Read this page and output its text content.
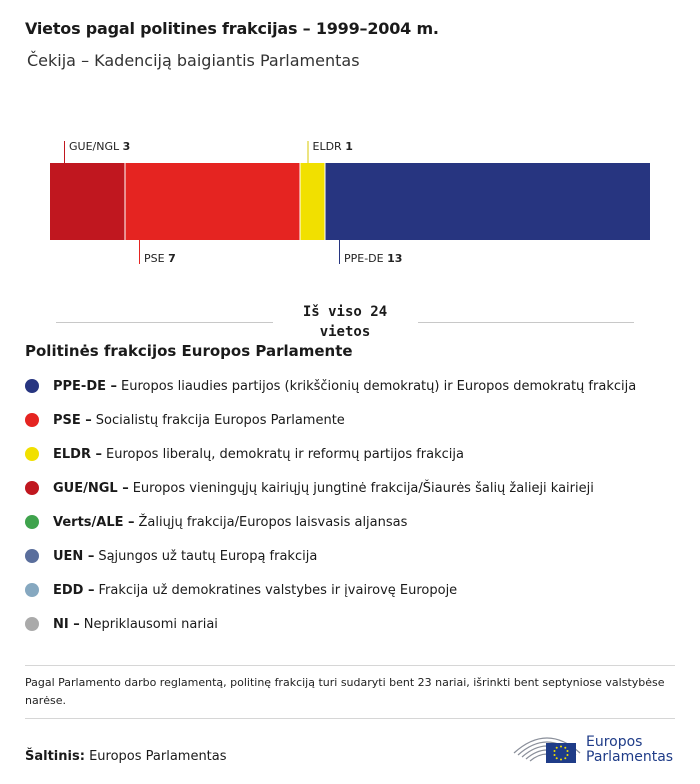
Vietos pagal politines frakcijas – 1999–2004 m.
Čekija – Kadenciją baigiantis Parlamentas
GUE/NGL 3
PSE 7
ELDR 1
PPE-DE 13
Iš viso 24
vietos
Politinės frakcijos Europos Parlamente
PPE-DE – Europos liaudies partijos (krikščionių demokratų) ir Europos demokratų frakcija
PSE – Socialistų frakcija Europos Parlamente
ELDR – Europos liberalų, demokratų ir reformų partijos frakcija
GUE/NGL – Europos vieningųjų kairiųjų jungtinė frakcija/Šiaurės šalių žalieji kairieji
Verts/ALE – Žaliųjų frakcija/Europos laisvasis aljansas
UEN – Sąjungos už tautų Europą frakcija
EDD – Frakcija už demokratines valstybes ir įvairovę Europoje
NI – Nepriklausomi nariai
Pagal Parlamento darbo reglamentą, politinę frakciją turi sudaryti bent 23 nariai, išrinkti bent septyniose valstybėse narėse.
Šaltinis: Europos Parlamentas
Europos
Parlamentas
